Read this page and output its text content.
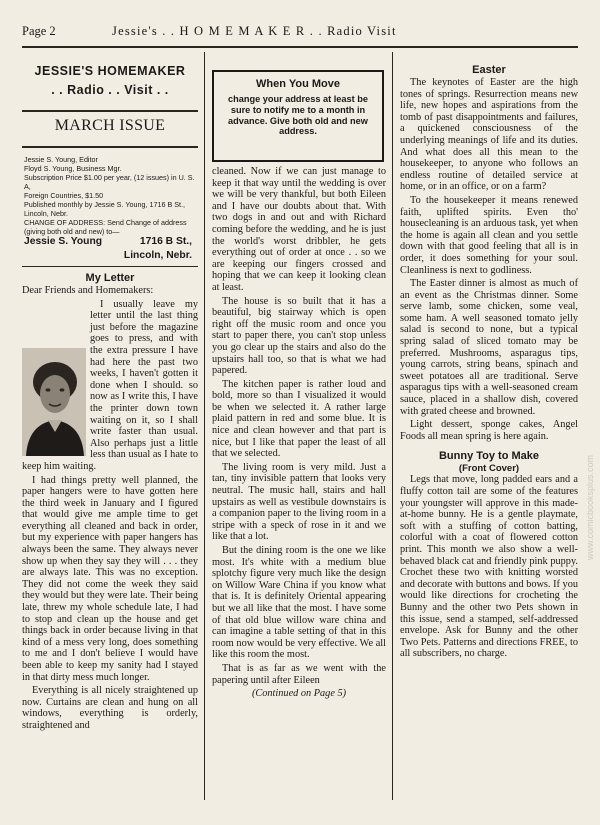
Page 2	Jessie's . . H O M E M A K E R . . Radio Visit
JESSIE'S HOMEMAKER
. . Radio . . Visit . .
MARCH ISSUE
Jessie S. Young, Editor
Floyd S. Young, Business Mgr.
Subscription Price $1.00 per year, (12 issues) in U. S. A,
Foreign Countries, $1.50
Published monthly by Jessie S. Young, 1716 B St., Lincoln, Nebr.
CHANGE OF ADDRESS: Send Change of address (giving both old and new) to—
Jessie S. Young	1716 B St.,
Lincoln, Nebr.
My Letter

Dear Friends and Homemakers:

I usually leave my letter until the last thing just before the magazine goes to press, and with the extra pressure I have had here the past two weeks, I haven't gotten it done when I should. so now as I write this, I have the printer down town waiting on it, so I shall write faster than usual. Also perhaps just a little less than usual as I hate to keep him waiting.

I had things pretty well planned, the paper hangers were to have gotten here the third week in January and I figured that would give me ample time to get everything all cleaned and back in order, but my experience with paper hangers has always been the same. They always never show up when they say they will . . . they are always late. This was no exception. They did not come the week they said they would but they were late. Their being late, threw my whole schedule late, I had to stop and clean up the house and get things back in order because living in that kind of a mess very long, does something to me and I don't believe I would have been able to keep my sanity had I stayed in that dirty mess much longer.

Everything is all nicely straightened up now. Curtains are clean and hung on all windows, everything is orderly, straightened and

When You Move
change your address at least be sure to notify me to a month in advance. Give both old and new address.

cleaned. Now if we can just manage to keep it that way until the wedding is over we will be very thankful, but both Eileen and I have our doubts about that. With two dogs in and out and with Richard coming before the wedding, and he is just the world's worst dribbler, he gets everything out of order at once . . so we are keeping our fingers crossed and hoping that we can keep it looking clean at least.

The house is so built that it has a beautiful, big stairway which is open right off the music room and once you start to paper there, you can't stop unless you go clear up the stairs and also do the upstairs hall too, so that is what we had papered.

The kitchen paper is rather loud and bold, more so than I visualized it would be when we selected it. A rather large plaid pattern in red and some blue. It is nice and clean however and that part is nice, but I like that paper the least of all that we selected.

The living room is very mild. Just a tan, tiny invisible pattern that looks very neutral. The music hall, stairs and hall upstairs as well as vestibule downstairs is a companion paper to the living room in a stripe with a speck of rose in it and we like that a lot.

But the dining room is the one we like most. It's white with a medium blue splotchy figure very much like the design on Willow Ware China if you know what that is. It is definitely Oriental appearing but we all like that the most. I have some of that old blue willow ware china and can imagine a table setting of that in this room now would be very effective. We all like this room the most.

That is as far as we went with the papering until after Eileen

(Continued on Page 5)

Easter

The keynotes of Easter are the high tones of springs. Resurrection means new life, new hopes and aspirations from the tomb of past disappointments and failures, a quickened consciousness of the underlying meanings of life and its duties. And what does all this mean to the housekeeper, to anyone who follows an endless routine of detailed service at home, or in an office, or on a farm?

To the housekeeper it means renewed faith, uplifted spirits. Even tho' housecleaning is an arduous task, yet when the home is again all clean and you settle down with that good feeling that all is in order, it does something for your soul. Cleanliness is next to godliness.

The Easter dinner is almost as much of an event as the Christmas dinner. Some serve lamb, some chicken, some veal, some ham. A well seasoned tomato jelly salad is second to none, but a typical spring salad of sliced tomato may be preferred. Mushrooms, asparagus tips, young carrots, string beans, spinach and sweet potatoes all are traditional. Serve asparagus tips with a well-seasoned cream sauce, placed in a shallow dish, covered with grated cheese and browned.

Light dessert, sponge cakes, Angel Foods all mean spring is here again.

Bunny Toy to Make
(Front Cover)

Legs that move, long padded ears and a fluffy cotton tail are some of the features your youngster will approve in this made-at-home bunny. He is a gentle playmate, soft with a stuffing of cotton batting, colorful with a coat of flowered cotton print. This month we also show a well-behaved black cat and friendly pink puppy. Crochet these two with knitting worsted and decorate with buttons and bows. If you would like directions for crocheting the Bunny and the other two Pets shown in this issue, send a stamped, self-addressed envelope. Ask for Bunny and the other Two Pets. Patterns and directions FREE, to all subscribers, no charge.

www.comicbooksplus.com
